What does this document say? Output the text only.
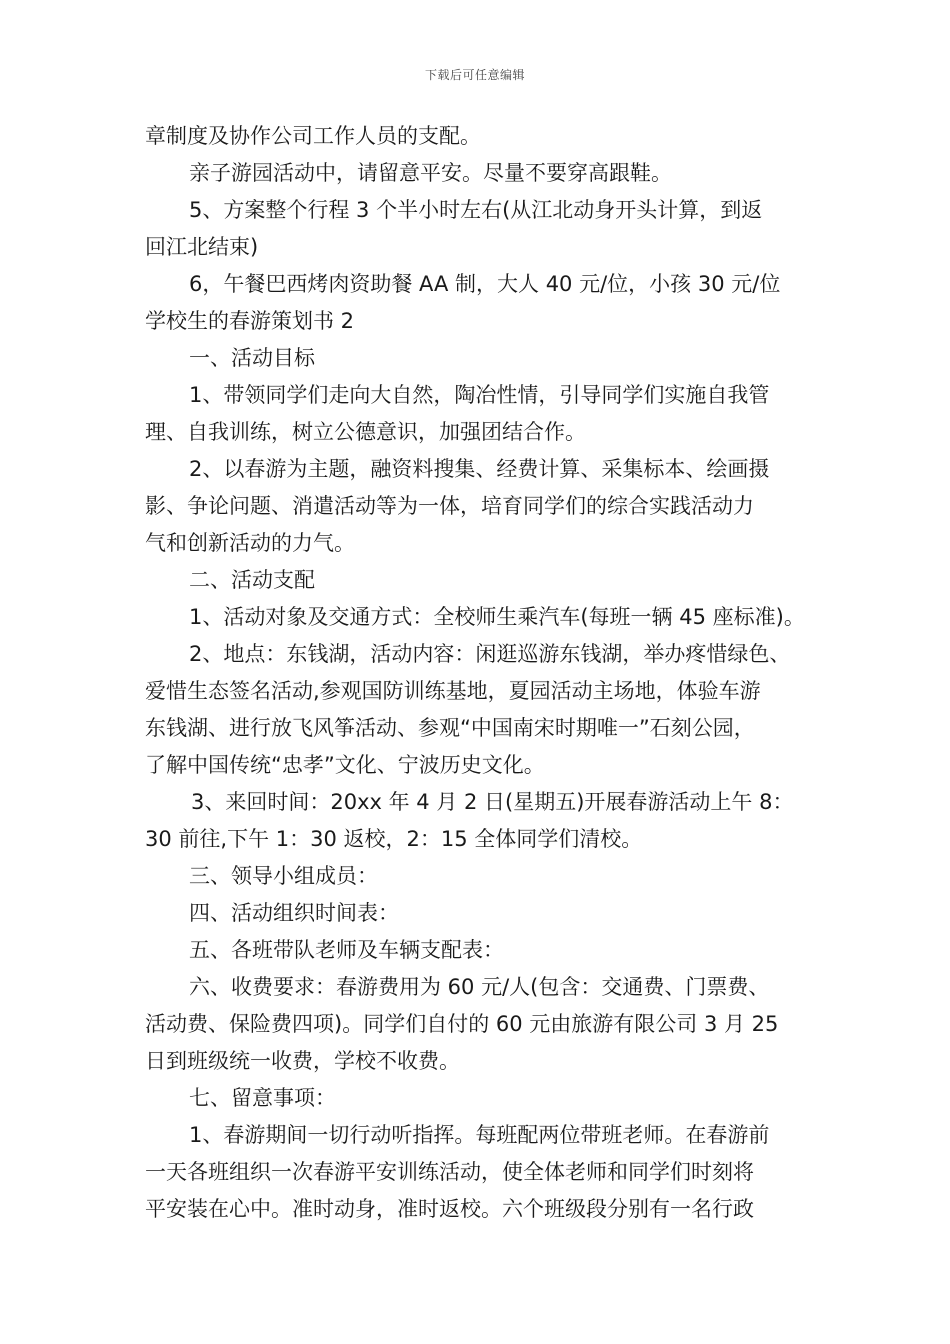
下载后可任意编辑
章制度及协作公司工作人员的支配。
亲子游园活动中，请留意平安。尽量不要穿高跟鞋。
5、方案整个行程 3 个半小时左右(从江北动身开头计算，到返
回江北结束)
6，午餐巴西烤肉资助餐 AA 制，大人 40 元/位，小孩 30 元/位
学校生的春游策划书 2
一、活动目标
1、带领同学们走向大自然，陶冶性情，引导同学们实施自我管
理、自我训练，树立公德意识，加强团结合作。
2、以春游为主题，融资料搜集、经费计算、采集标本、绘画摄
影、争论问题、消遣活动等为一体，培育同学们的综合实践活动力
气和创新活动的力气。
二、活动支配
1、活动对象及交通方式：全校师生乘汽车(每班一辆 45 座标准)。
2、地点：东钱湖，活动内容：闲逛巡游东钱湖，举办疼惜绿色、
爱惜生态签名活动,参观国防训练基地，夏园活动主场地，体验车游
东钱湖、进行放飞风筝活动、参观“中国南宋时期唯一”石刻公园，
了解中国传统“忠孝”文化、宁波历史文化。
3、来回时间：20xx 年 4 月 2 日(星期五)开展春游活动上午 8：
30 前往,下午 1：30 返校，2：15 全体同学们清校。
三、领导小组成员：
四、活动组织时间表：
五、各班带队老师及车辆支配表：
六、收费要求：春游费用为 60 元/人(包含：交通费、门票费、
活动费、保险费四项)。同学们自付的 60 元由旅游有限公司 3 月 25
日到班级统一收费，学校不收费。
七、留意事项：
1、春游期间一切行动听指挥。每班配两位带班老师。在春游前
一天各班组织一次春游平安训练活动，使全体老师和同学们时刻将
平安装在心中。准时动身，准时返校。六个班级段分别有一名行政
